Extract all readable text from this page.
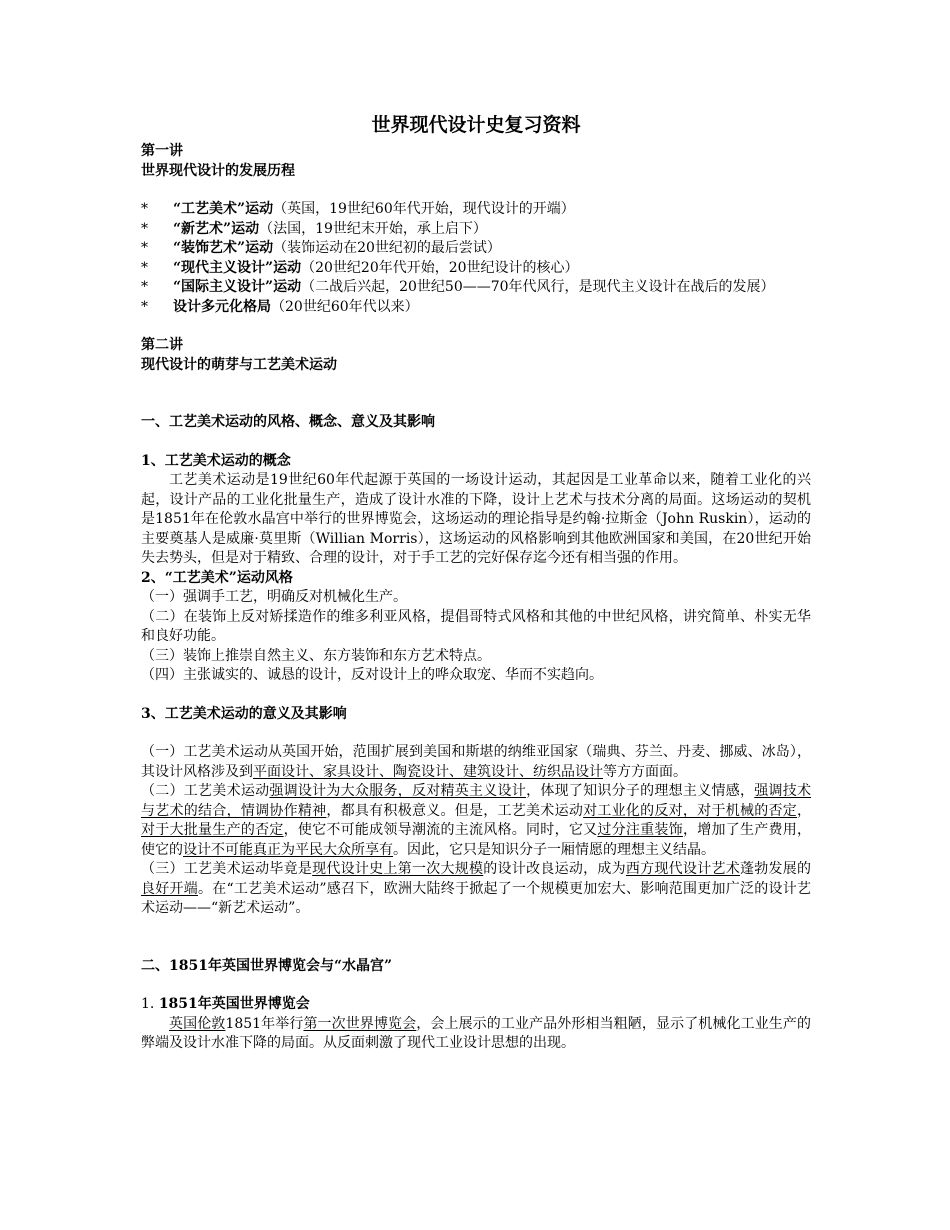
世界现代设计史复习资料

第一讲

世界现代设计的发展历程

*	“工艺美术”运动（英国，19世纪60年代开始，现代设计的开端）
*	“新艺术”运动（法国，19世纪末开始，承上启下）
*	“装饰艺术”运动（装饰运动在20世纪初的最后尝试）
*	“现代主义设计”运动（20世纪20年代开始，20世纪设计的核心）

* “国际主义设计”运动（二战后兴起，20世纪50——70年代风行，是现代主义设计在战后的发展）

*	设计多元化格局（20世纪60年代以来）

第二讲

现代设计的萌芽与工艺美术运动

一、工艺美术运动的风格、概念、意义及其影响

1、工艺美术运动的概念

工艺美术运动是19世纪60年代起源于英国的一场设计运动，其起因是工业革命以来，随着工业化的兴起，设计产品的工业化批量生产，造成了设计水准的下降，设计上艺术与技术分离的局面。这场运动的契机是1851年在伦敦水晶宫中举行的世界博览会，这场运动的理论指导是约翰·拉斯金（John Ruskin），运动的主要奠基人是威廉·莫里斯（Willian Morris），这场运动的风格影响到其他欧洲国家和美国，在20世纪开始失去势头，但是对于精致、合理的设计，对于手工艺的完好保存迄今还有相当强的作用。

2、“工艺美术”运动风格

（一）强调手工艺，明确反对机械化生产。

（二）在装饰上反对矫揉造作的维多利亚风格，提倡哥特式风格和其他的中世纪风格，讲究简单、朴实无华和良好功能。

（三）装饰上推崇自然主义、东方装饰和东方艺术特点。

（四）主张诚实的、诚恳的设计，反对设计上的哗众取宠、华而不实趋向。

3、工艺美术运动的意义及其影响

（一）工艺美术运动从英国开始，范围扩展到美国和斯堪的纳维亚国家（瑞典、芬兰、丹麦、挪威、冰岛），其设计风格涉及到平面设计、家具设计、陶瓷设计、建筑设计、纺织品设计等方方面面。

（二）工艺美术运动强调设计为大众服务，反对精英主义设计，体现了知识分子的理想主义情感，强调技术与艺术的结合，情调协作精神，都具有积极意义。但是，工艺美术运动对工业化的反对，对于机械的否定，对于大批量生产的否定，使它不可能成领导潮流的主流风格。同时，它又过分注重装饰，增加了生产费用，使它的设计不可能真正为平民大众所享有。因此，它只是知识分子一厢情愿的理想主义结晶。

（三）工艺美术运动毕竟是现代设计史上第一次大规模的设计改良运动，成为西方现代设计艺术蓬勃发展的良好开端。在“工艺美术运动”感召下，欧洲大陆终于掀起了一个规模更加宏大、影响范围更加广泛的设计艺术运动——“新艺术运动”。

二、1851年英国世界博览会与“水晶宫”

1. 1851年英国世界博览会

英国伦敦1851年举行第一次世界博览会，会上展示的工业产品外形相当粗陋，显示了机械化工业生产的弊端及设计水准下降的局面。从反面刺激了现代工业设计思想的出现。
